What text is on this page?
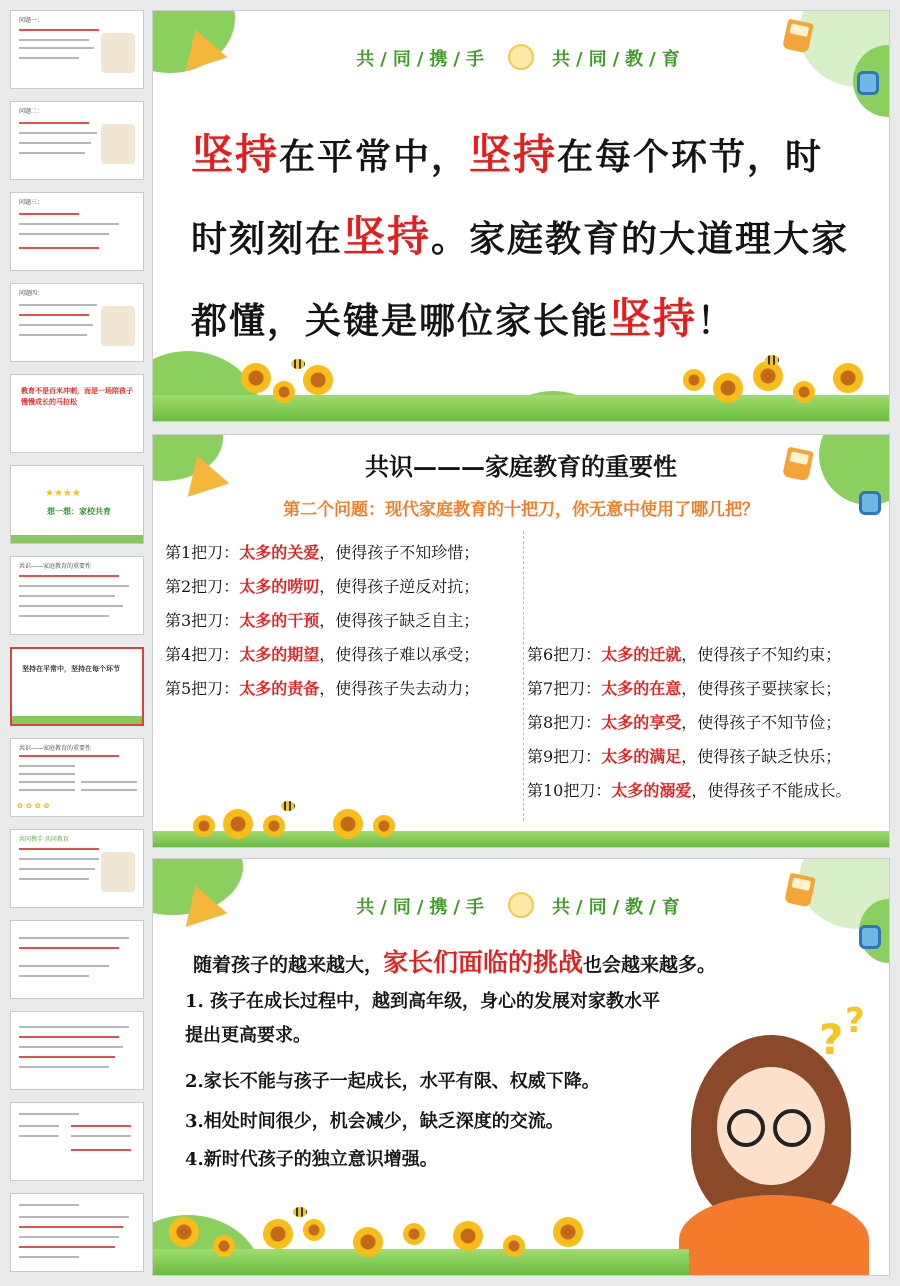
问题一：
问题二：
问题三：
问题四：
教育不是百米冲刺，而是一场陪孩子慢慢成长的马拉松
★★★★
想一想：家校共育
共识——家庭教育的重要性
坚持在平常中，坚持在每个环节
共识——家庭教育的重要性
✿✿✿✿
共同携手 共同教育
共/同/携/手	共/同/教/育
坚持在平常中，坚持在每个环节，时
时刻刻在坚持。家庭教育的大道理大家
都懂，关键是哪位家长能坚持！
共识———家庭教育的重要性
第二个问题：现代家庭教育的十把刀，你无意中使用了哪几把？
第1把刀：太多的关爱，使得孩子不知珍惜；
第2把刀：太多的唠叨，使得孩子逆反对抗；
第3把刀：太多的干预，使得孩子缺乏自主；
第4把刀：太多的期望，使得孩子难以承受；
第5把刀：太多的责备，使得孩子失去动力；
第6把刀：太多的迁就，使得孩子不知约束；
第7把刀：太多的在意，使得孩子要挟家长；
第8把刀：太多的享受，使得孩子不知节俭；
第9把刀：太多的满足，使得孩子缺乏快乐；
第10把刀：太多的溺爱，使得孩子不能成长。
共/同/携/手	共/同/教/育
随着孩子的越来越大，家长们面临的挑战也会越来越多。
1. 孩子在成长过程中，越到高年级，身心的发展对家教水平
提出更高要求。
2.家长不能与孩子一起成长，水平有限、权威下降。
3.相处时间很少，机会减少，缺乏深度的交流。
4.新时代孩子的独立意识增强。
? ?
